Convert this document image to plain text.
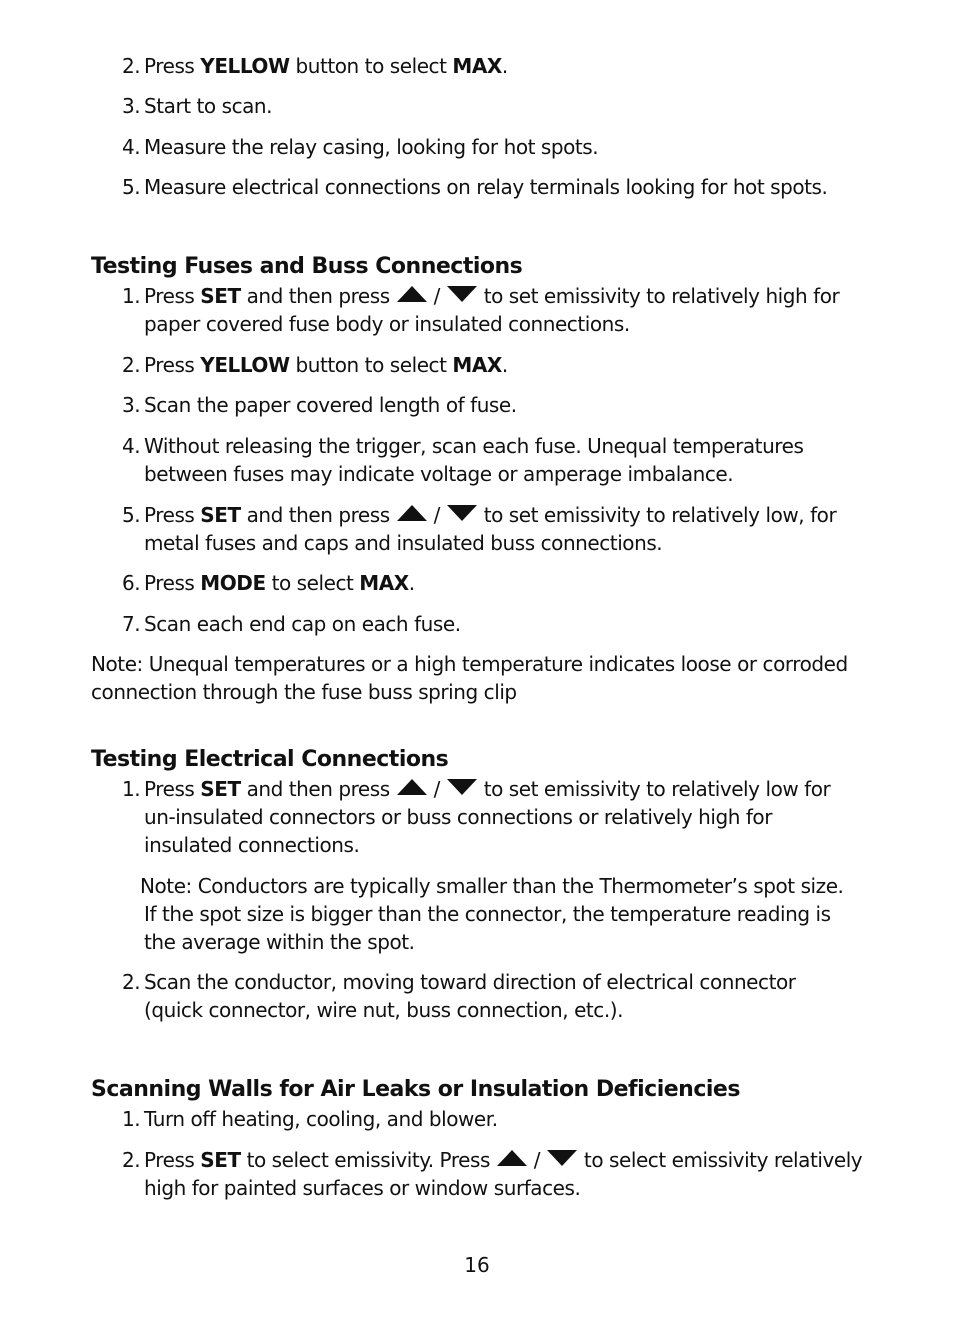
2. Press YELLOW button to select MAX.
3. Start to scan.
4. Measure the relay casing, looking for hot spots.
5. Measure electrical connections on relay terminals looking for hot spots.
Testing Fuses and Buss Connections
1. Press SET and then press /
to set emissivity to relatively high for
paper covered fuse body or insulated connections.
2. Press YELLOW button to select MAX.
3. Scan the paper covered length of fuse.
4. Without releasing the trigger, scan each fuse. Unequal temperatures
between fuses may indicate voltage or amperage imbalance.
5. Press SET and then press /
to set emissivity to relatively low, for
metal fuses and caps and insulated buss connections.
6. Press MODE to select MAX.
7. Scan each end cap on each fuse.
Note: Unequal temperatures or a high temperature indicates loose or corroded
connection through the fuse buss spring clip
Testing Electrical Connections
1. Press SET and then press /
to set emissivity to relatively low for
un-insulated connectors or buss connections or relatively high for
insulated connections.
Note: Conductors are typically smaller than the Thermometer’s spot size.
If the spot size is bigger than the connector, the temperature reading is
the average within the spot.
2. Scan the conductor, moving toward direction of electrical connector
(quick connector, wire nut, buss connection, etc.).
Scanning Walls for Air Leaks or Insulation Deficiencies
1. Turn off heating, cooling, and blower.
2. Press SET to select emissivity. Press /
to select emissivity relatively
high for painted surfaces or window surfaces.
16
